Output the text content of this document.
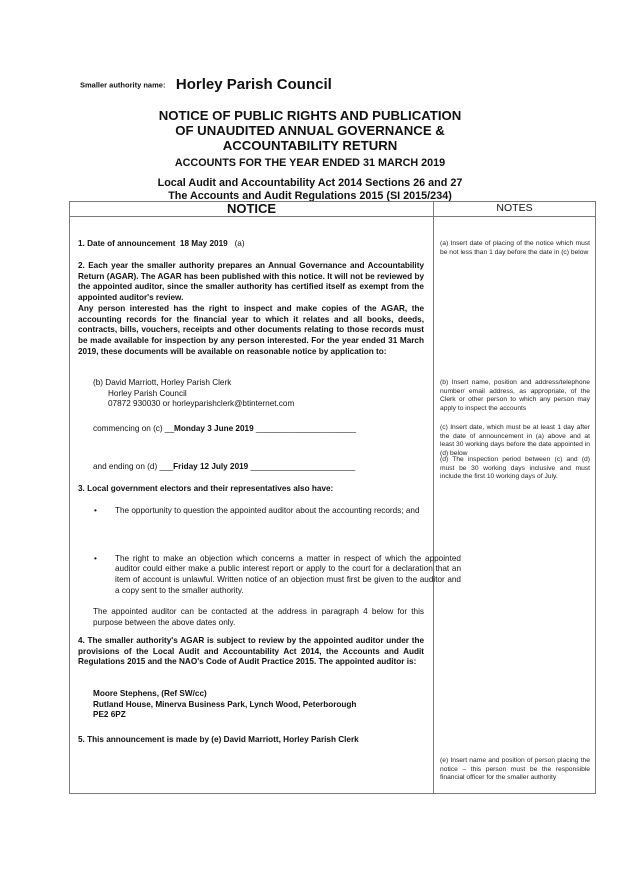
Smaller authority name: Horley Parish Council
NOTICE OF PUBLIC RIGHTS AND PUBLICATION
OF UNAUDITED ANNUAL GOVERNANCE &
ACCOUNTABILITY RETURN
ACCOUNTS FOR THE YEAR ENDED 31 MARCH 2019
Local Audit and Accountability Act 2014 Sections 26 and 27
The Accounts and Audit Regulations 2015 (SI 2015/234)
NOTICE	NOTES
1. Date of announcement 18 May 2019 (a)
2. Each year the smaller authority prepares an Annual Governance and Accountability Return (AGAR). The AGAR has been published with this notice. It will not be reviewed by the appointed auditor, since the smaller authority has certified itself as exempt from the appointed auditor's review.
Any person interested has the right to inspect and make copies of the AGAR, the accounting records for the financial year to which it relates and all books, deeds, contracts, bills, vouchers, receipts and other documents relating to those records must be made available for inspection by any person interested. For the year ended 31 March 2019, these documents will be available on reasonable notice by application to:
(b) David Marriott, Horley Parish Clerk
Horley Parish Council
07872 930030 or horleyparishclerk@btinternet.com
commencing on (c) __Monday 3 June 2019 ______________________
and ending on (d) ___Friday 12 July 2019 _______________________
3. Local government electors and their representatives also have:
• The opportunity to question the appointed auditor about the accounting records; and
• The right to make an objection which concerns a matter in respect of which the appointed auditor could either make a public interest report or apply to the court for a declaration that an item of account is unlawful. Written notice of an objection must first be given to the auditor and a copy sent to the smaller authority.
The appointed auditor can be contacted at the address in paragraph 4 below for this purpose between the above dates only.
4. The smaller authority's AGAR is subject to review by the appointed auditor under the provisions of the Local Audit and Accountability Act 2014, the Accounts and Audit Regulations 2015 and the NAO's Code of Audit Practice 2015. The appointed auditor is:
Moore Stephens, (Ref SW/cc)
Rutland House, Minerva Business Park, Lynch Wood, Peterborough
PE2 6PZ
5. This announcement is made by (e) David Marriott, Horley Parish Clerk
(a) Insert date of placing of the notice which must be not less than 1 day before the date in (c) below
(b) Insert name, position and address/telephone number/ email address, as appropriate, of the Clerk or other person to which any person may apply to inspect the accounts
(c) Insert date, which must be at least 1 day after the date of announcement in (a) above and at least 30 working days before the date appointed in (d) below
(d) The inspection period between (c) and (d) must be 30 working days inclusive and must include the first 10 working days of July.
(e) Insert name and position of person placing the notice – this person must be the responsible financial officer for the smaller authority
